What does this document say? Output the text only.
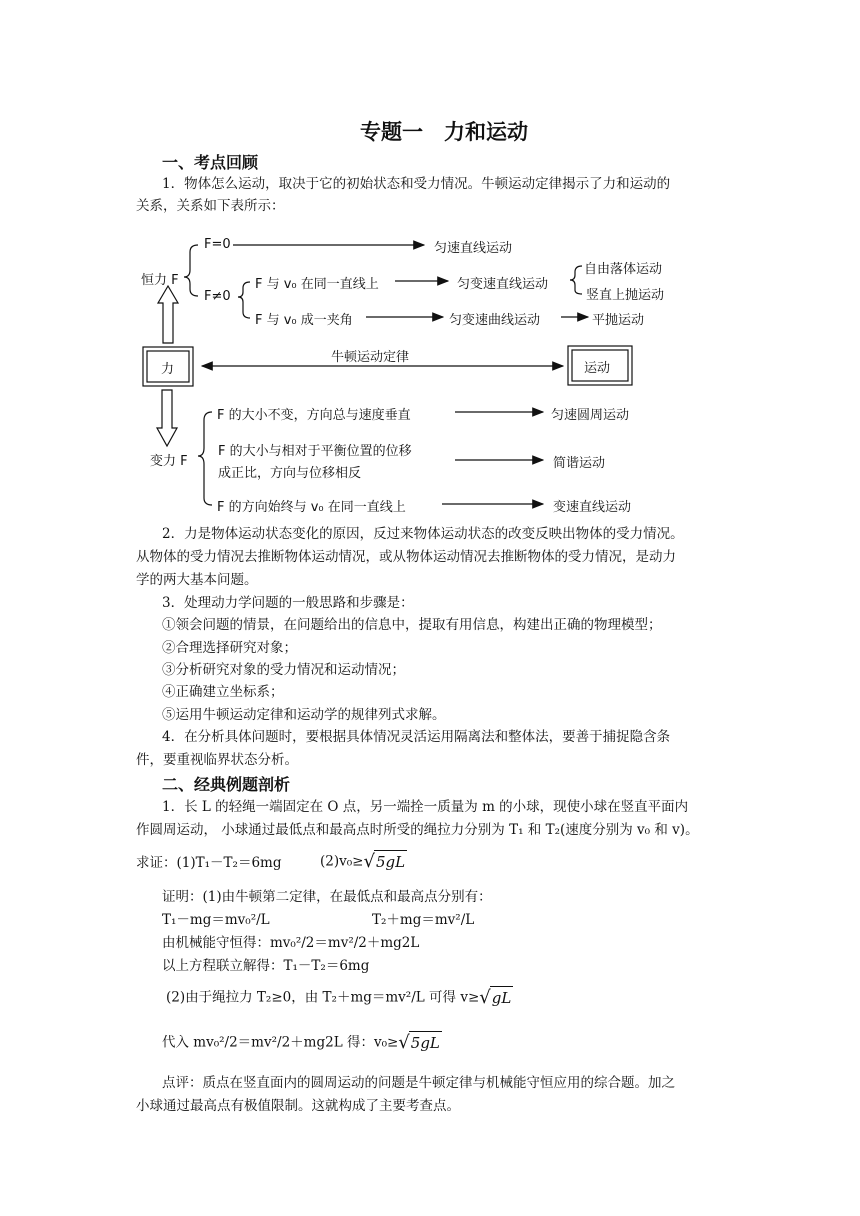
专题一　力和运动
一、考点回顾
1．物体怎么运动，取决于它的初始状态和受力情况。牛顿运动定律揭示了力和运动的
关系，关系如下表所示：
恒力 F
F=0	匀速直线运动
F≠0
F 与 v₀ 在同一直线上	匀变速直线运动
自由落体运动
竖直上抛运动
F 与 v₀ 成一夹角	匀变速曲线运动	平抛运动
力
牛顿运动定律
运动
变力 F
F 的大小不变，方向总与速度垂直	匀速圆周运动
F 的大小与相对于平衡位置的位移
成正比，方向与位移相反
简谐运动
F 的方向始终与 v₀ 在同一直线上	变速直线运动
2．力是物体运动状态变化的原因，反过来物体运动状态的改变反映出物体的受力情况。
从物体的受力情况去推断物体运动情况，或从物体运动情况去推断物体的受力情况，是动力
学的两大基本问题。
3．处理动力学问题的一般思路和步骤是：
①领会问题的情景，在问题给出的信息中，提取有用信息，构建出正确的物理模型；
②合理选择研究对象；
③分析研究对象的受力情况和运动情况；
④正确建立坐标系；
⑤运用牛顿运动定律和运动学的规律列式求解。
4．在分析具体问题时，要根据具体情况灵活运用隔离法和整体法，要善于捕捉隐含条
件，要重视临界状态分析。
二、经典例题剖析
1．长 L 的轻绳一端固定在 O 点，另一端拴一质量为 m 的小球，现使小球在竖直平面内
作圆周运动， 小球通过最低点和最高点时所受的绳拉力分别为 T₁ 和 T₂(速度分别为 v₀ 和 v)。
求证：(1)T₁－T₂＝6mg	(2)v₀≥√5gL
证明：(1)由牛顿第二定律，在最低点和最高点分别有：
T₁－mg＝mv₀²/L	T₂＋mg＝mv²/L
由机械能守恒得：mv₀²/2＝mv²/2＋mg2L
以上方程联立解得：T₁－T₂＝6mg
(2)由于绳拉力 T₂≥0，由 T₂＋mg＝mv²/L 可得 v≥√gL
代入 mv₀²/2＝mv²/2＋mg2L 得：v₀≥√5gL
点评：质点在竖直面内的圆周运动的问题是牛顿定律与机械能守恒应用的综合题。加之
小球通过最高点有极值限制。这就构成了主要考查点。
